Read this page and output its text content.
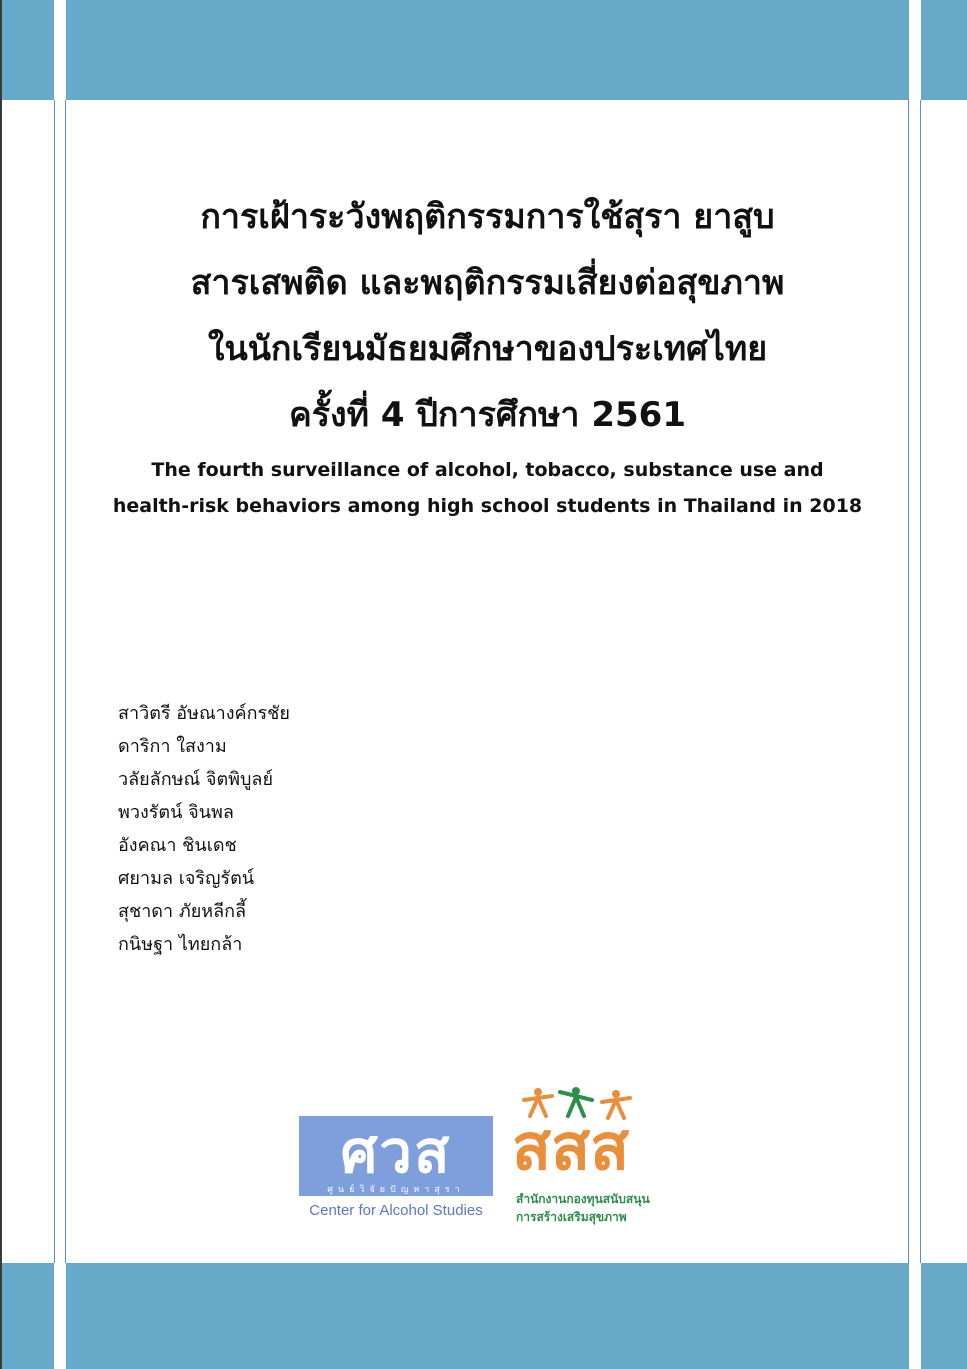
การเฝ้าระวังพฤติกรรมการใช้สุรา ยาสูบ
สารเสพติด และพฤติกรรมเสี่ยงต่อสุขภาพ
ในนักเรียนมัธยมศึกษาของประเทศไทย
ครั้งที่ 4 ปีการศึกษา 2561
The fourth surveillance of alcohol, tobacco, substance use and
health-risk behaviors among high school students in Thailand in 2018
สาวิตรี อัษณางค์กรชัย
ดาริกา ใสงาม
วลัยลักษณ์ จิตพิบูลย์
พวงรัตน์ จินพล
อังคณา ชินเดช
ศยามล เจริญรัตน์
สุชาดา ภัยหลีกลี้
กนิษฐา ไทยกล้า
ศวส
ศูนย์วิจัยปัญหาสุรา
Center for Alcohol Studies
สสส
สำนักงานกองทุนสนับสนุน
การสร้างเสริมสุขภาพ
